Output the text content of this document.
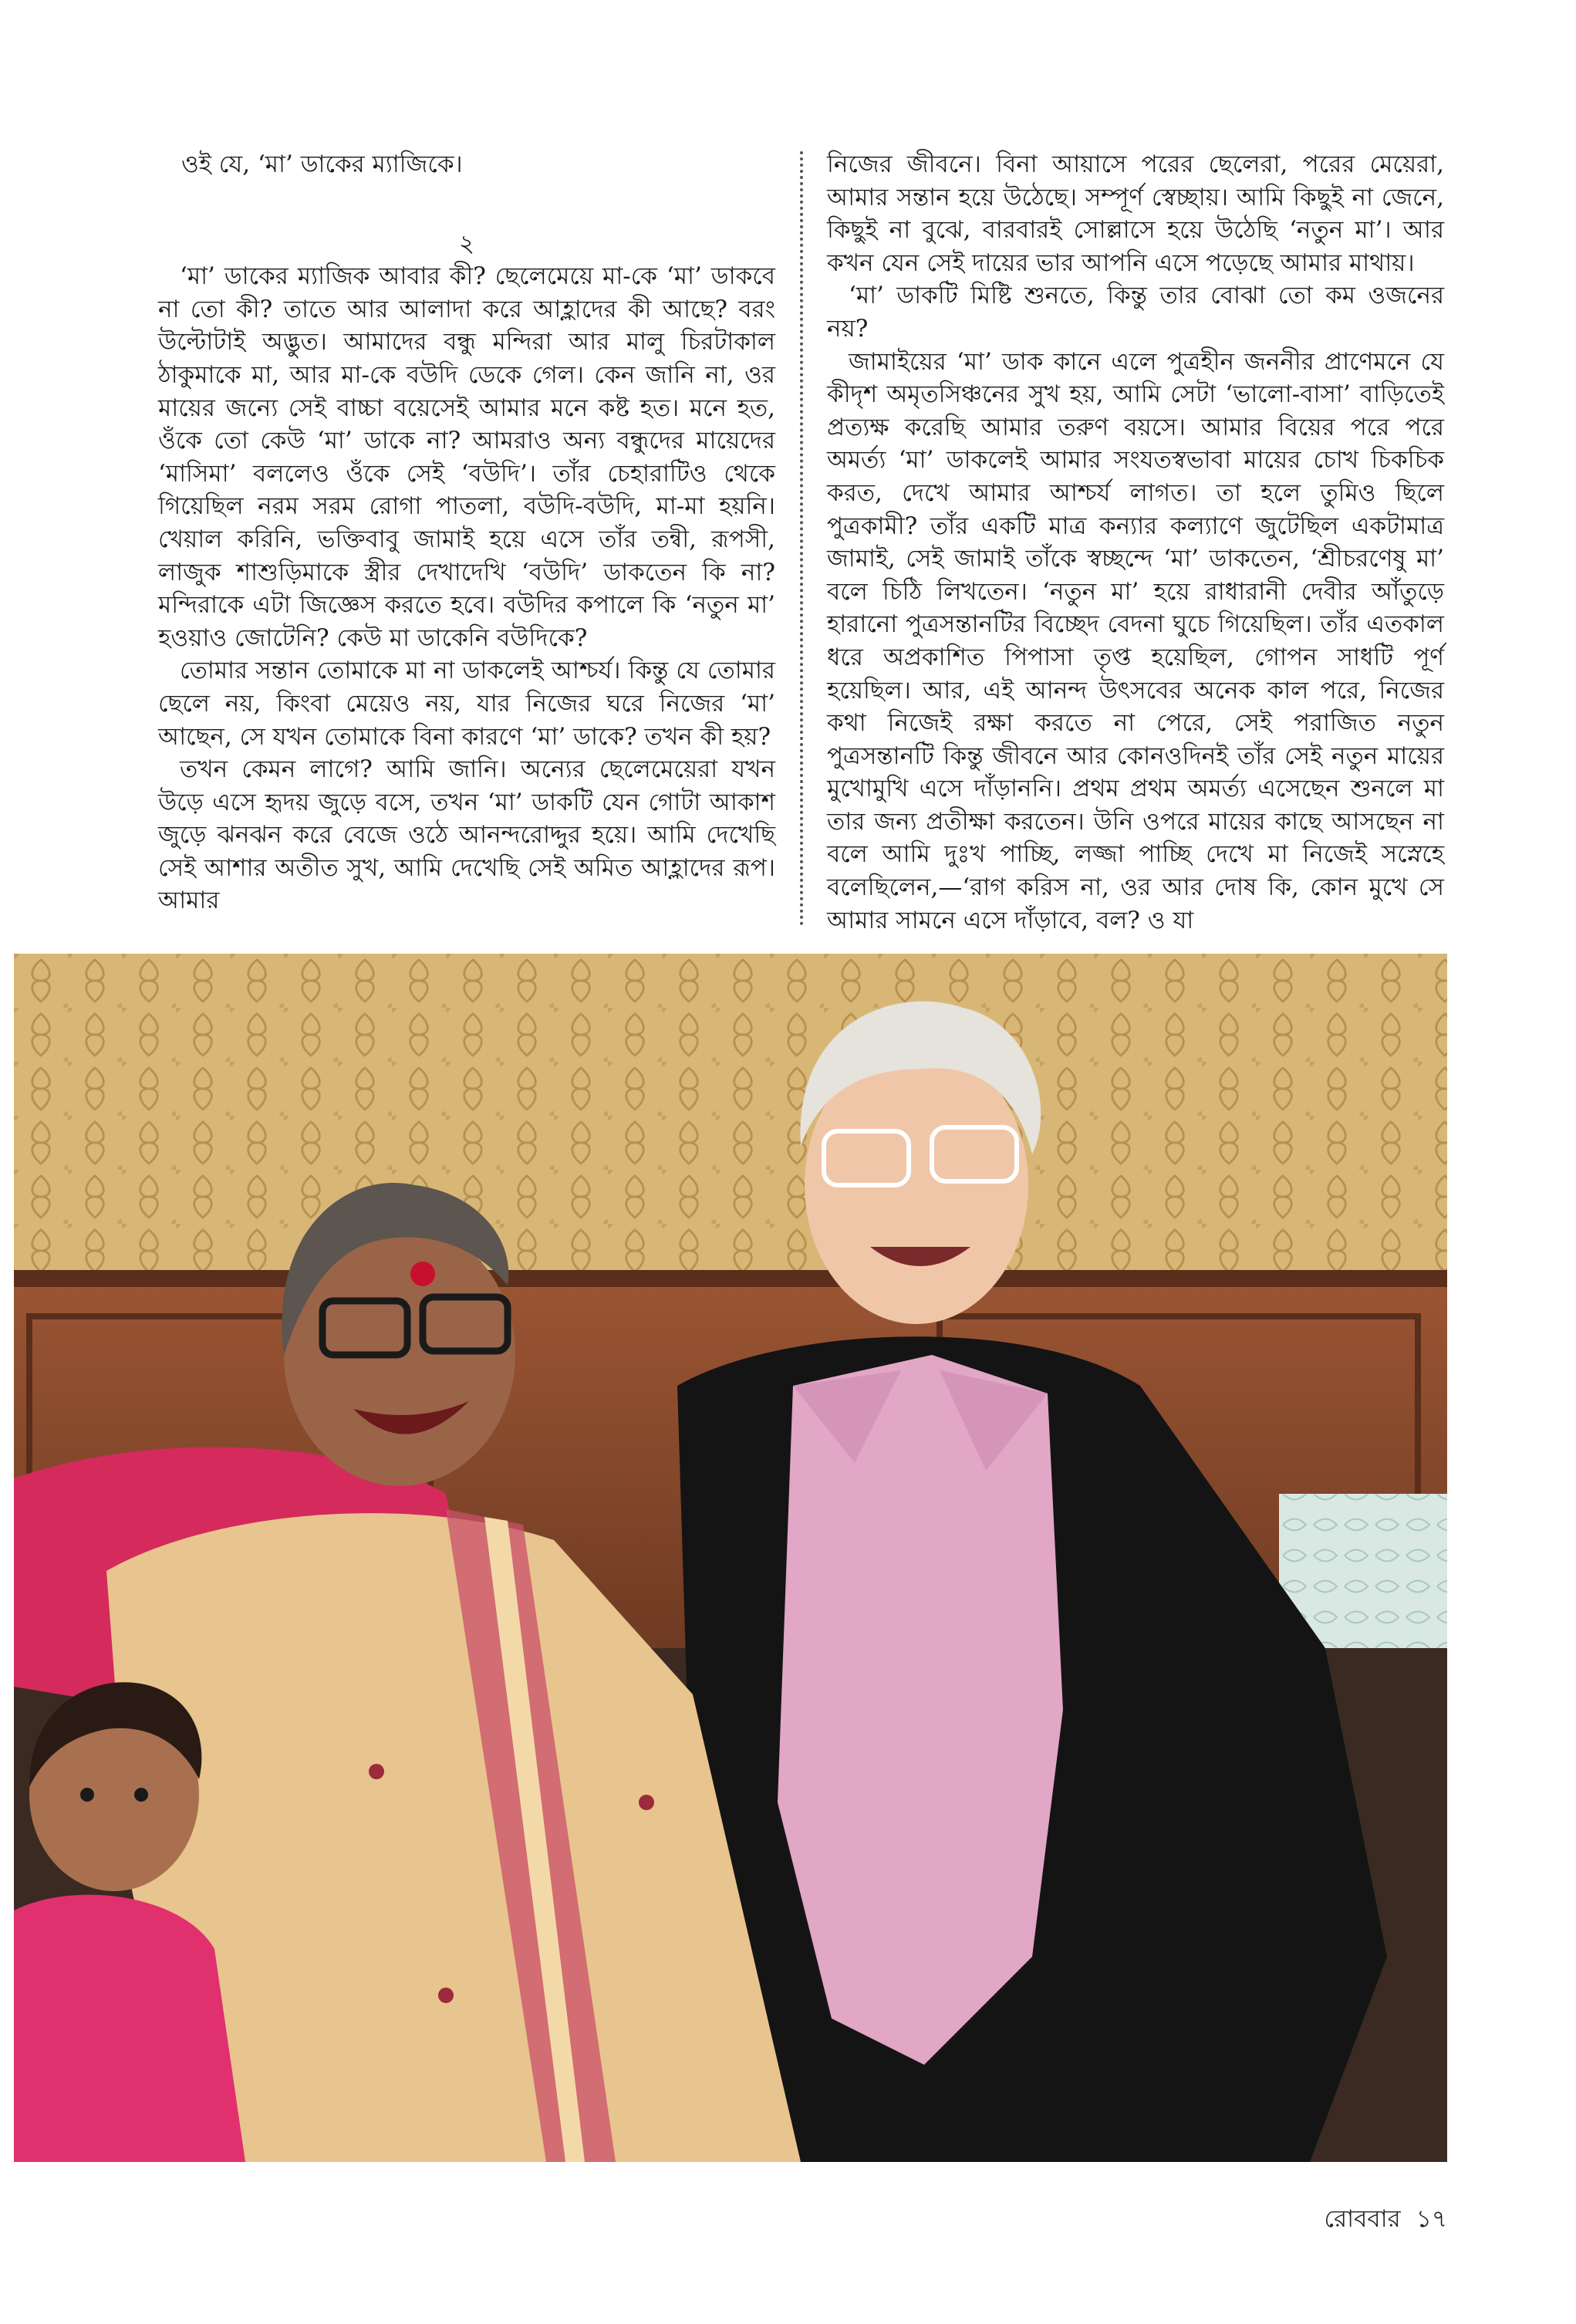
ওই যে, ‘মা’ ডাকের ম্যাজিকে।

২

‘মা’ ডাকের ম্যাজিক আবার কী? ছেলেমেয়ে মা-কে ‘মা’ ডাকবে না তো কী? তাতে আর আলাদা করে আহ্লাদের কী আছে? বরং উল্টোটাই অদ্ভুত। আমাদের বন্ধু মন্দিরা আর মালু চিরটাকাল ঠাকুমাকে মা, আর মা-কে বউদি ডেকে গেল। কেন জানি না, ওর মায়ের জন্যে সেই বাচ্চা বয়েসেই আমার মনে কষ্ট হত। মনে হত, ওঁকে তো কেউ ‘মা’ ডাকে না? আমরাও অন্য বন্ধুদের মায়েদের ‘মাসিমা’ বললেও ওঁকে সেই ‘বউদি’। তাঁর চেহারাটিও থেকে গিয়েছিল নরম সরম রোগা পাতলা, বউদি-বউদি, মা-মা হয়নি। খেয়াল করিনি, ভক্তিবাবু জামাই হয়ে এসে তাঁর তন্বী, রূপসী, লাজুক শাশুড়িমাকে স্ত্রীর দেখাদেখি ‘বউদি’ ডাকতেন কি না? মন্দিরাকে এটা জিজ্ঞেস করতে হবে। বউদির কপালে কি ‘নতুন মা’ হওয়াও জোটেনি? কেউ মা ডাকেনি বউদিকে?

তোমার সন্তান তোমাকে মা না ডাকলেই আশ্চর্য। কিন্তু যে তোমার ছেলে নয়, কিংবা মেয়েও নয়, যার নিজের ঘরে নিজের ‘মা’ আছেন, সে যখন তোমাকে বিনা কারণে ‘মা’ ডাকে? তখন কী হয়?

তখন কেমন লাগে? আমি জানি। অন্যের ছেলেমেয়েরা যখন উড়ে এসে হৃদয় জুড়ে বসে, তখন ‘মা’ ডাকটি যেন গোটা আকাশ জুড়ে ঝনঝন করে বেজে ওঠে আনন্দরোদ্দুর হয়ে। আমি দেখেছি সেই আশার অতীত সুখ, আমি দেখেছি সেই অমিত আহ্লাদের রূপ। আমার

নিজের জীবনে। বিনা আয়াসে পরের ছেলেরা, পরের মেয়েরা, আমার সন্তান হয়ে উঠেছে। সম্পূর্ণ স্বেচ্ছায়। আমি কিছুই না জেনে, কিছুই না বুঝে, বারবারই সোল্লাসে হয়ে উঠেছি ‘নতুন মা’। আর কখন যেন সেই দায়ের ভার আপনি এসে পড়েছে আমার মাথায়।

‘মা’ ডাকটি মিষ্টি শুনতে, কিন্তু তার বোঝা তো কম ওজনের নয়?

জামাইয়ের ‘মা’ ডাক কানে এলে পুত্রহীন জননীর প্রাণেমনে যে কীদৃশ অমৃতসিঞ্চনের সুখ হয়, আমি সেটা ‘ভালো-বাসা’ বাড়িতেই প্রত্যক্ষ করেছি আমার তরুণ বয়সে। আমার বিয়ের পরে পরে অমর্ত্য ‘মা’ ডাকলেই আমার সংযতস্বভাবা মায়ের চোখ চিকচিক করত, দেখে আমার আশ্চর্য লাগত। তা হলে তুমিও ছিলে পুত্রকামী? তাঁর একটি মাত্র কন্যার কল্যাণে জুটেছিল একটামাত্র জামাই, সেই জামাই তাঁকে স্বচ্ছন্দে ‘মা’ ডাকতেন, ‘শ্রীচরণেষু মা’ বলে চিঠি লিখতেন। ‘নতুন মা’ হয়ে রাধারানী দেবীর আঁতুড়ে হারানো পুত্রসন্তানটির বিচ্ছেদ বেদনা ঘুচে গিয়েছিল। তাঁর এতকাল ধরে অপ্রকাশিত পিপাসা তৃপ্ত হয়েছিল, গোপন সাধটি পূর্ণ হয়েছিল। আর, এই আনন্দ উৎসবের অনেক কাল পরে, নিজের কথা নিজেই রক্ষা করতে না পেরে, সেই পরাজিত নতুন পুত্রসন্তানটি কিন্তু জীবনে আর কোনওদিনই তাঁর সেই নতুন মায়ের মুখোমুখি এসে দাঁড়াননি। প্রথম প্রথম অমর্ত্য এসেছেন শুনলে মা তার জন্য প্রতীক্ষা করতেন। উনি ওপরে মায়ের কাছে আসছেন না বলে আমি দুঃখ পাচ্ছি, লজ্জা পাচ্ছি দেখে মা নিজেই সস্নেহে বলেছিলেন,—‘রাগ করিস না, ওর আর দোষ কি, কোন মুখে সে আমার সামনে এসে দাঁড়াবে, বল? ও যা

রোববার ১৭
